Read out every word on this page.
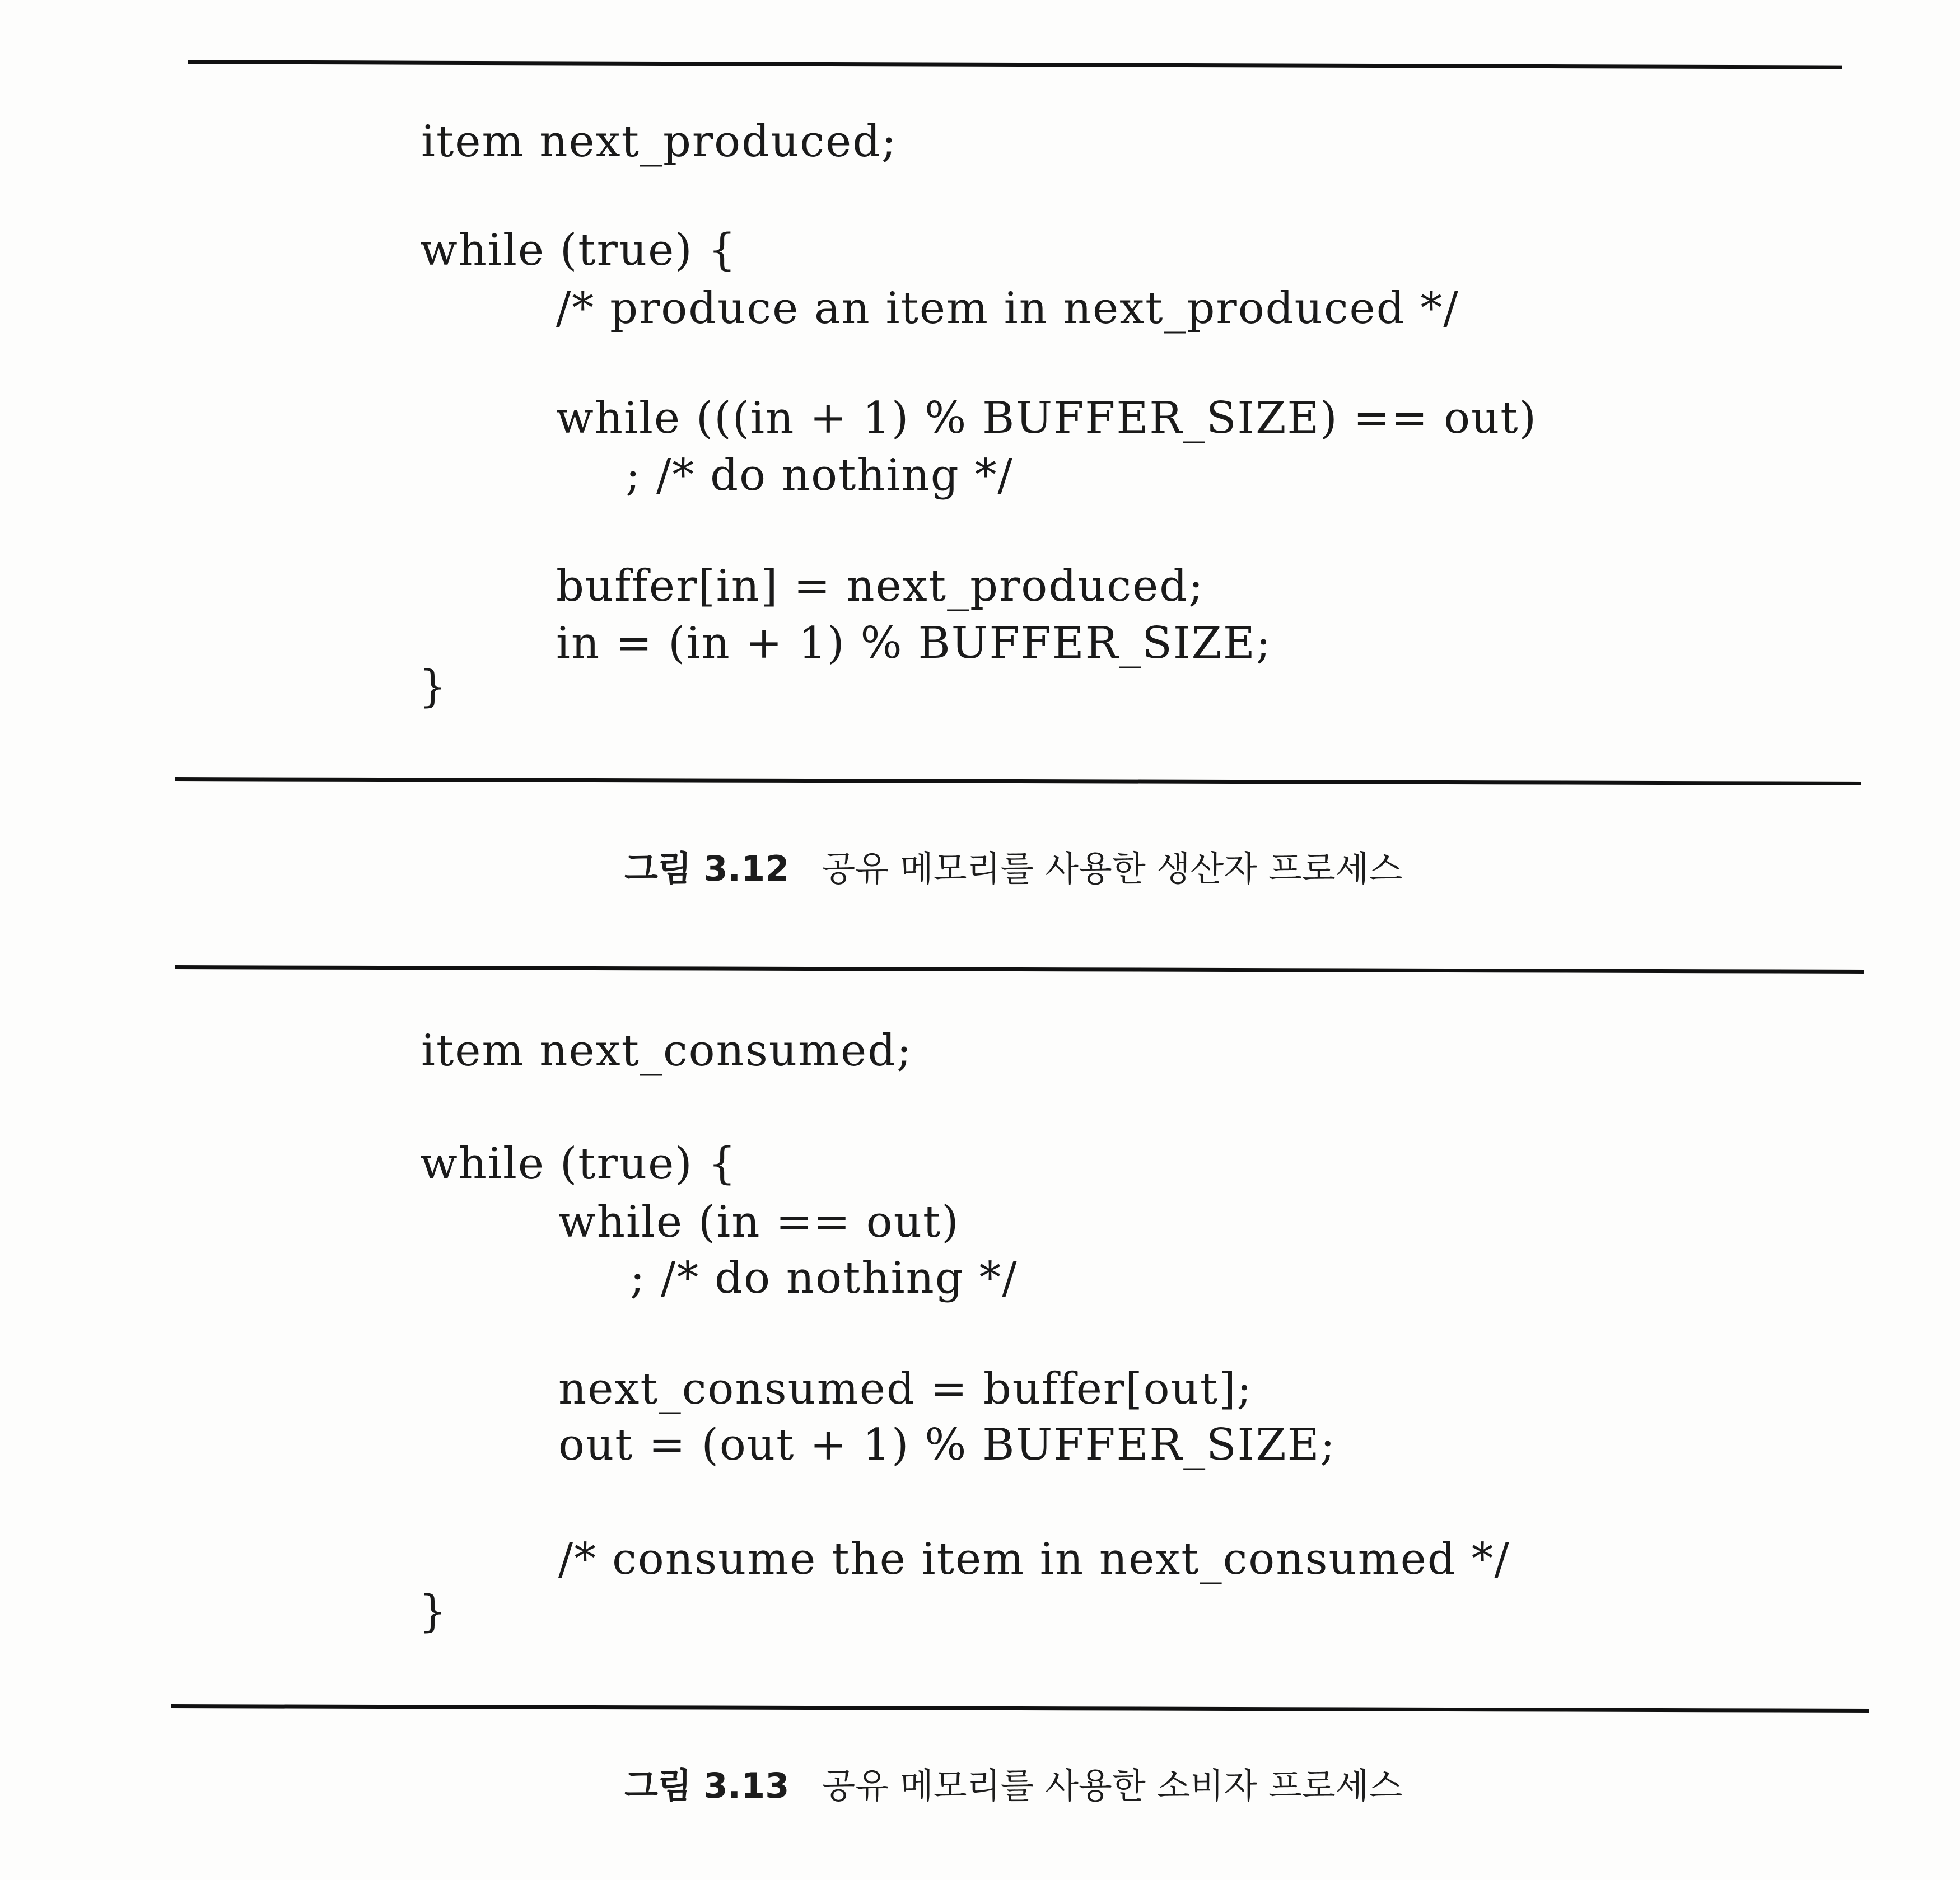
item next_produced;
while (true) {
/* produce an item in next_produced */
while (((in + 1) % BUFFER_SIZE) == out)
; /* do nothing */
buffer[in] = next_produced;
in = (in + 1) % BUFFER_SIZE;
}
그림 3.12 공유 메모리를 사용한 생산자 프로세스
item next_consumed;
while (true) {
while (in == out)
; /* do nothing */
next_consumed = buffer[out];
out = (out + 1) % BUFFER_SIZE;
/* consume the item in next_consumed */
}
그림 3.13 공유 메모리를 사용한 소비자 프로세스
